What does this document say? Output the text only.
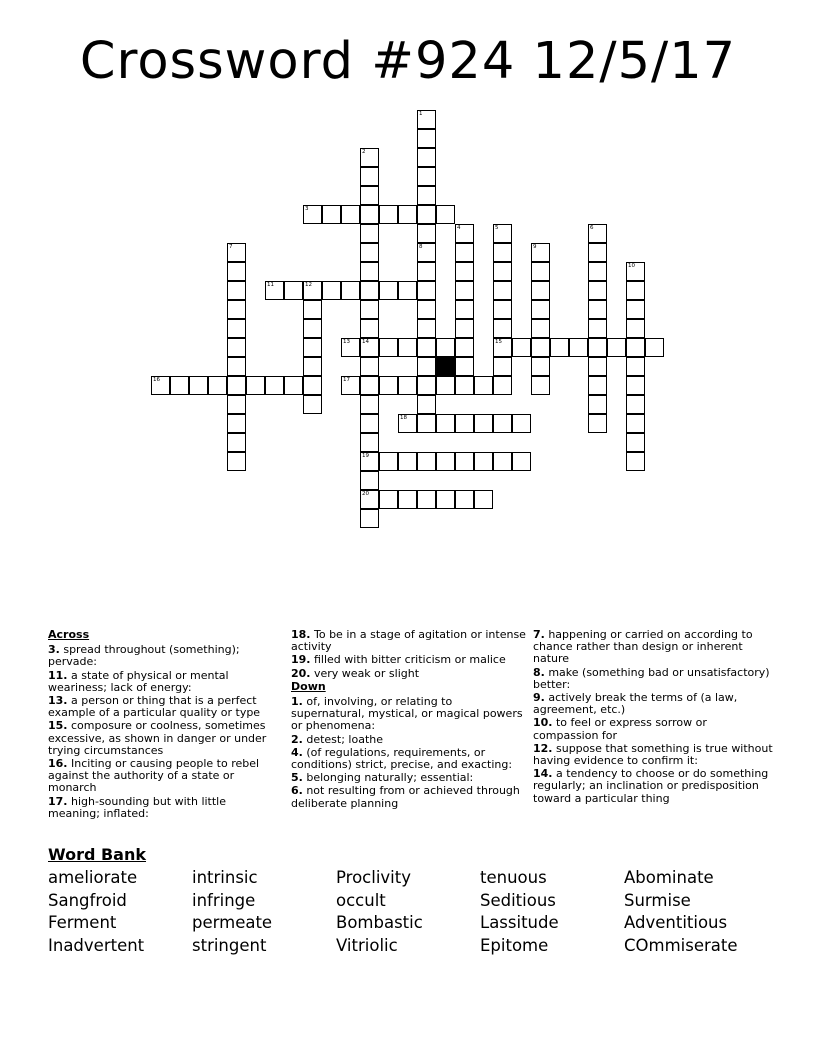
Crossword #924 12/5/17
1
2
3
4	5	6
7	8	9
10
11	12
13 14	15
16	17
18
19
20
Across
3. spread throughout (something); pervade:
11. a state of physical or mental weariness; lack of energy:
13. a person or thing that is a perfect example of a particular quality or type
15. composure or coolness, sometimes excessive, as shown in danger or under trying circumstances
16. Inciting or causing people to rebel against the authority of a state or monarch
17. high-sounding but with little meaning; inflated:
18. To be in a stage of agitation or intense activity
19. filled with bitter criticism or malice
20. very weak or slight
Down
1. of, involving, or relating to supernatural, mystical, or magical powers or phenomena:
2. detest; loathe
4. (of regulations, requirements, or conditions) strict, precise, and exacting:
5. belonging naturally; essential:
6. not resulting from or achieved through deliberate planning
7. happening or carried on according to chance rather than design or inherent nature
8. make (something bad or unsatisfactory) better:
9. actively break the terms of (a law, agreement, etc.)
10. to feel or express sorrow or compassion for
12. suppose that something is true without having evidence to confirm it:
14. a tendency to choose or do something regularly; an inclination or predisposition toward a particular thing
Word Bank
ameliorate	intrinsic	Proclivity	tenuous	Abominate
Sangfroid	infringe	occult	Seditious	Surmise
Ferment	permeate	Bombastic	Lassitude	Adventitious
Inadvertent	stringent	Vitriolic	Epitome	COmmiserate
